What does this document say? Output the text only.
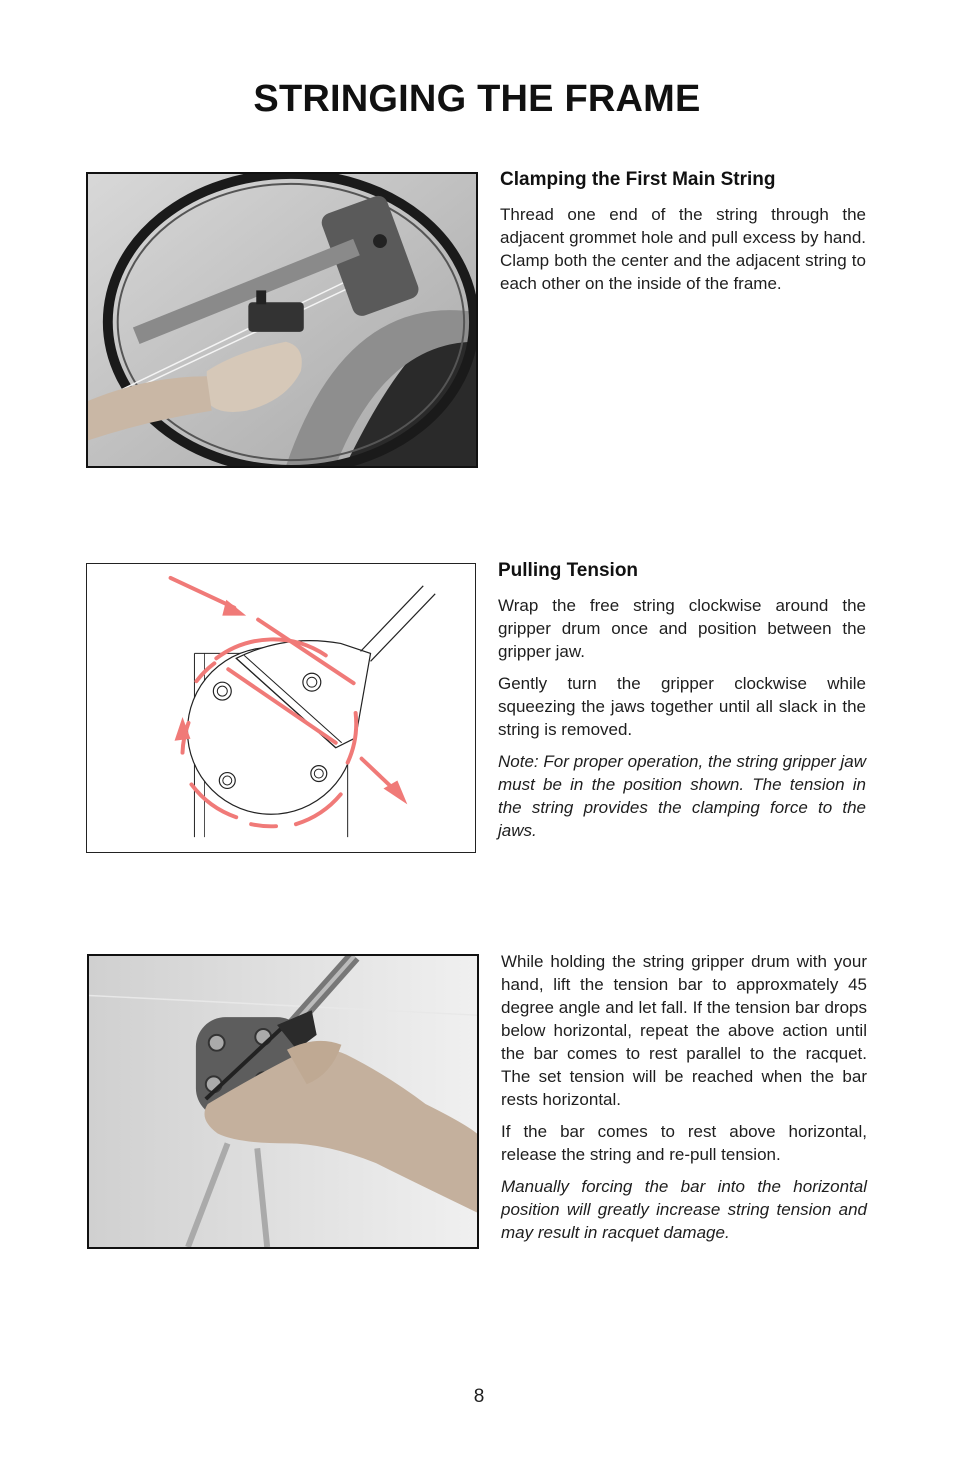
STRINGING THE FRAME
Clamping the First Main String

Thread one end of the string through the adjacent grommet hole and pull excess by hand. Clamp both the center and the adjacent string to each other on the inside of the frame.

Pulling Tension

Wrap the free string clockwise around the gripper drum once and position between the gripper jaw.

Gently turn the gripper clockwise while squeezing the jaws together until all slack in the string is removed.

Note: For proper operation, the string gripper jaw must be in the position shown. The tension in the string provides the clamping force to the jaws.

While holding the string gripper drum with your hand, lift the tension bar to approxmately 45 degree angle and let fall. If the tension bar drops below horizontal, repeat the above action until the bar comes to rest parallel to the racquet. The set tension will be reached when the bar rests horizontal.

If the bar comes to rest above horizontal, release the string and re-pull tension.

Manually forcing the bar into the horizontal position will greatly increase string tension and may result in racquet damage.

8
